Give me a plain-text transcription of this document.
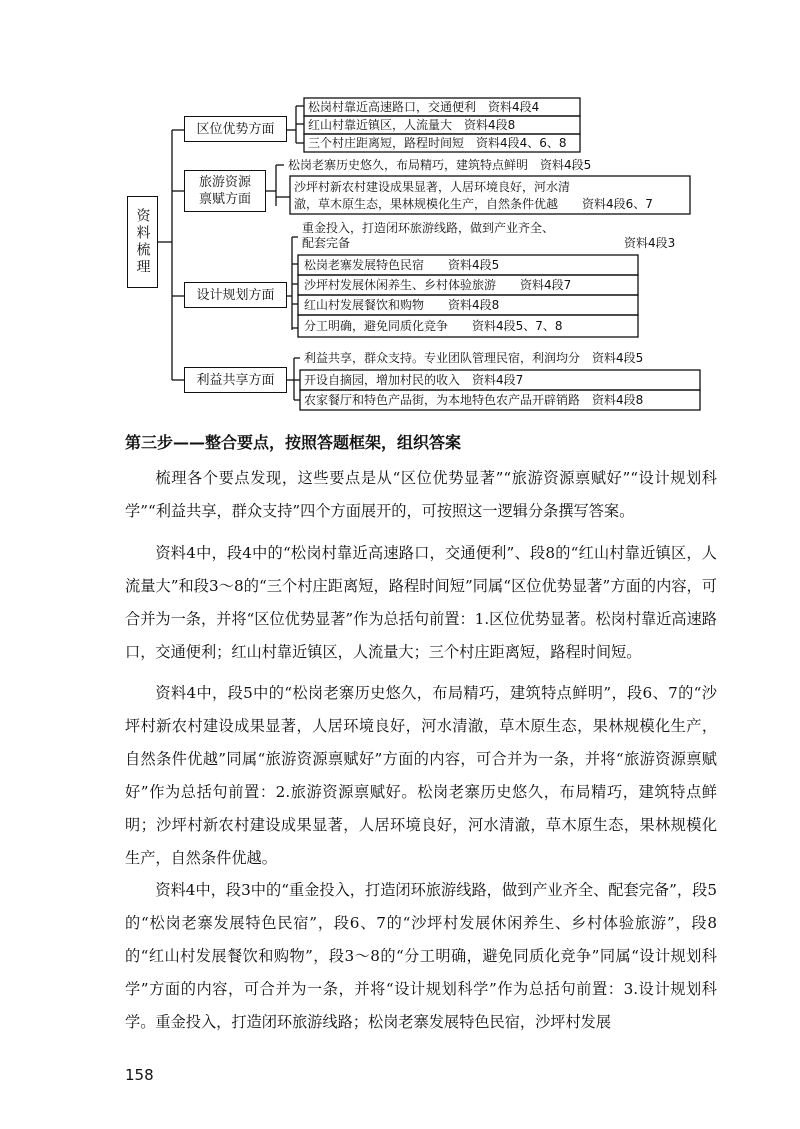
资料梳理
区位优势方面
旅游资源
禀赋方面
设计规划方面
利益共享方面
松岗村靠近高速路口，交通便利　资料4段4
红山村靠近镇区，人流量大　资料4段8
三个村庄距离短，路程时间短　资料4段4、6、8
松岗老寨历史悠久，布局精巧，建筑特点鲜明　资料4段5
沙坪村新农村建设成果显著，人居环境良好，河水清
澈，草木原生态，果林规模化生产，自然条件优越　　资料4段6、7
重金投入，打造闭环旅游线路，做到产业齐全、
配套完备	资料4段3
松岗老寨发展特色民宿　　资料4段5
沙坪村发展休闲养生、乡村体验旅游　　资料4段7
红山村发展餐饮和购物　　资料4段8
分工明确，避免同质化竞争　　资料4段5、7、8
利益共享，群众支持。专业团队管理民宿，利润均分　资料4段5
开设自摘园，增加村民的收入　资料4段7
农家餐厅和特色产品街，为本地特色农产品开辟销路　资料4段8
第三步——整合要点，按照答题框架，组织答案

梳理各个要点发现，这些要点是从“区位优势显著”“旅游资源禀赋好”“设计规划科学”“利益共享，群众支持”四个方面展开的，可按照这一逻辑分条撰写答案。

资料4中，段4中的“松岗村靠近高速路口，交通便利”、段8的“红山村靠近镇区，人流量大”和段3～8的“三个村庄距离短，路程时间短”同属“区位优势显著”方面的内容，可合并为一条，并将“区位优势显著”作为总括句前置：1.区位优势显著。松岗村靠近高速路口，交通便利；红山村靠近镇区，人流量大；三个村庄距离短，路程时间短。

资料4中，段5中的“松岗老寨历史悠久，布局精巧，建筑特点鲜明”，段6、7的“沙坪村新农村建设成果显著，人居环境良好，河水清澈，草木原生态，果林规模化生产，自然条件优越”同属“旅游资源禀赋好”方面的内容，可合并为一条，并将“旅游资源禀赋好”作为总括句前置：2.旅游资源禀赋好。松岗老寨历史悠久，布局精巧，建筑特点鲜明；沙坪村新农村建设成果显著，人居环境良好，河水清澈，草木原生态，果林规模化生产，自然条件优越。

资料4中，段3中的“重金投入，打造闭环旅游线路，做到产业齐全、配套完备”，段5的“松岗老寨发展特色民宿”，段6、7的“沙坪村发展休闲养生、乡村体验旅游”，段8的“红山村发展餐饮和购物”，段3～8的“分工明确，避免同质化竞争”同属“设计规划科学”方面的内容，可合并为一条，并将“设计规划科学”作为总括句前置：3.设计规划科学。重金投入，打造闭环旅游线路；松岗老寨发展特色民宿，沙坪村发展

158
